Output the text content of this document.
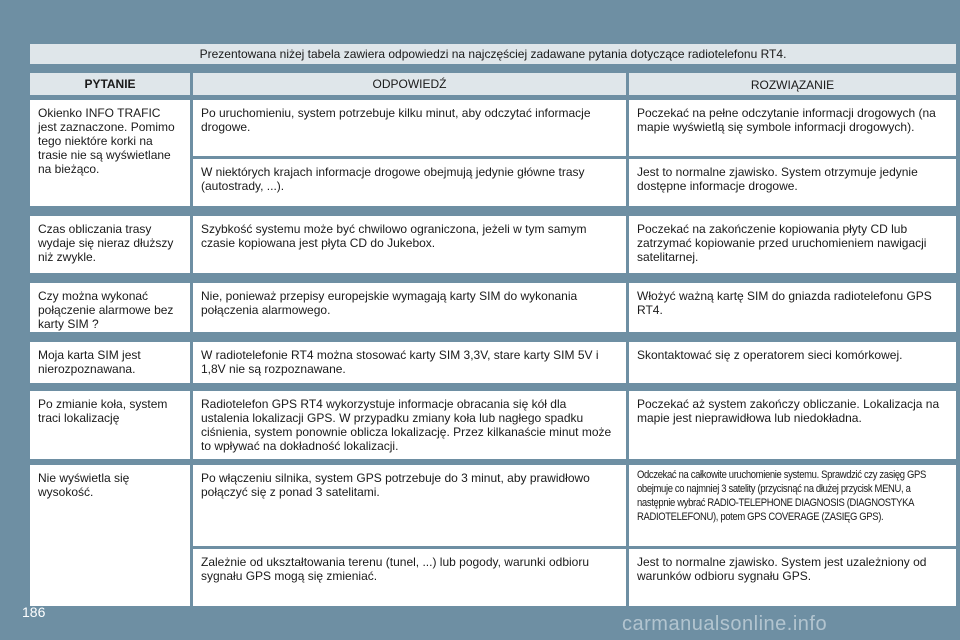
Prezentowana niżej tabela zawiera odpowiedzi na najczęściej zadawane pytania dotyczące radiotelefonu RT4.
PYTANIE	ODPOWIEDŹ	ROZWIĄZANIE
Okienko INFO TRAFIC jest zaznaczone. Pomimo tego niektóre korki na trasie nie są wyświetlane na bieżąco.
Po uruchomieniu, system potrzebuje kilku minut, aby odczytać informacje drogowe.
Poczekać na pełne odczytanie informacji drogowych (na mapie wyświetlą się symbole informacji drogowych).
W niektórych krajach informacje drogowe obejmują jedynie główne trasy (autostrady, ...).
Jest to normalne zjawisko. System otrzymuje jedynie dostępne informacje drogowe.
Czas obliczania trasy wydaje się nieraz dłuższy niż zwykle.
Szybkość systemu może być chwilowo ograniczona, jeżeli w tym samym czasie kopiowana jest płyta CD do Jukebox.
Poczekać na zakończenie kopiowania płyty CD lub zatrzymać kopiowanie przed uruchomieniem nawigacji satelitarnej.
Czy można wykonać połączenie alarmowe bez karty SIM ?
Nie, ponieważ przepisy europejskie wymagają karty SIM do wykonania połączenia alarmowego.
Włożyć ważną kartę SIM do gniazda radiotelefonu GPS RT4.
Moja karta SIM jest nierozpoznawana.
W radiotelefonie RT4 można stosować karty SIM 3,3V, stare karty SIM 5V i 1,8V nie są rozpoznawane.
Skontaktować się z operatorem sieci komórkowej.
Po zmianie koła, system traci lokalizację
Radiotelefon GPS RT4 wykorzystuje informacje obracania się kół dla ustalenia lokalizacji GPS. W przypadku zmiany koła lub nagłego spadku ciśnienia, system ponownie oblicza lokalizację. Przez kilkanaście minut może to wpływać na dokładność lokalizacji.
Poczekać aż system zakończy obliczanie. Lokalizacja na mapie jest nieprawidłowa lub niedokładna.
Nie wyświetla się wysokość.
Po włączeniu silnika, system GPS potrzebuje do 3 minut, aby prawidłowo połączyć się z ponad 3 satelitami.
Odczekać na całkowite uruchomienie systemu. Sprawdzić czy zasięg GPS obejmuje co najmniej 3 satelity (przycisnąć na dłużej przycisk MENU, a następnie wybrać RADIO-TELEPHONE DIAGNOSIS (DIAGNOSTYKA RADIOTELEFONU), potem GPS COVERAGE (ZASIĘG GPS).
Zależnie od ukształtowania terenu (tunel, ...) lub pogody, warunki odbioru sygnału GPS mogą się zmieniać.
Jest to normalne zjawisko. System jest uzależniony od warunków odbioru sygnału GPS.
186
carmanualsonline.info
